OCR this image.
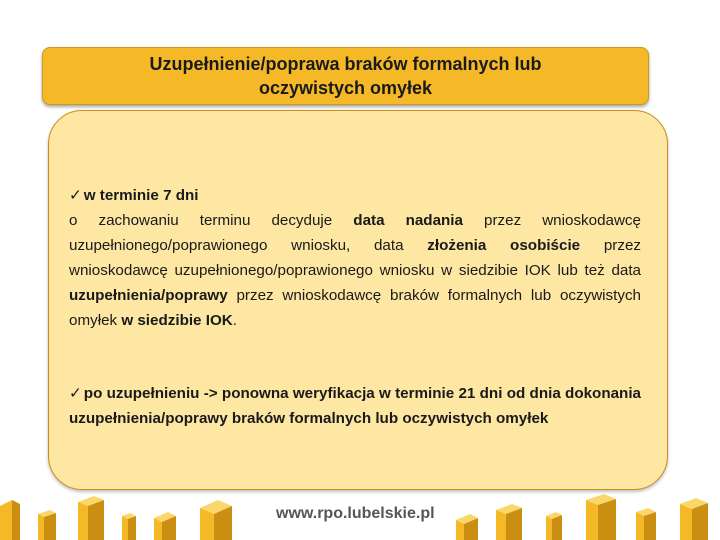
Uzupełnienie/poprawa braków formalnych lub
oczywistych omyłek

✓ w terminie 7 dni
o zachowaniu terminu decyduje data nadania przez wnioskodawcę uzupełnionego/poprawionego wniosku, data złożenia osobiście przez wnioskodawcę uzupełnionego/poprawionego wniosku w siedzibie IOK lub też data uzupełnienia/poprawy przez wnioskodawcę braków formalnych lub oczywistych omyłek w siedzibie IOK.

✓ po uzupełnieniu -> ponowna weryfikacja w terminie 21 dni od dnia dokonania uzupełnienia/poprawy braków formalnych lub oczywistych omyłek

www.rpo.lubelskie.pl
